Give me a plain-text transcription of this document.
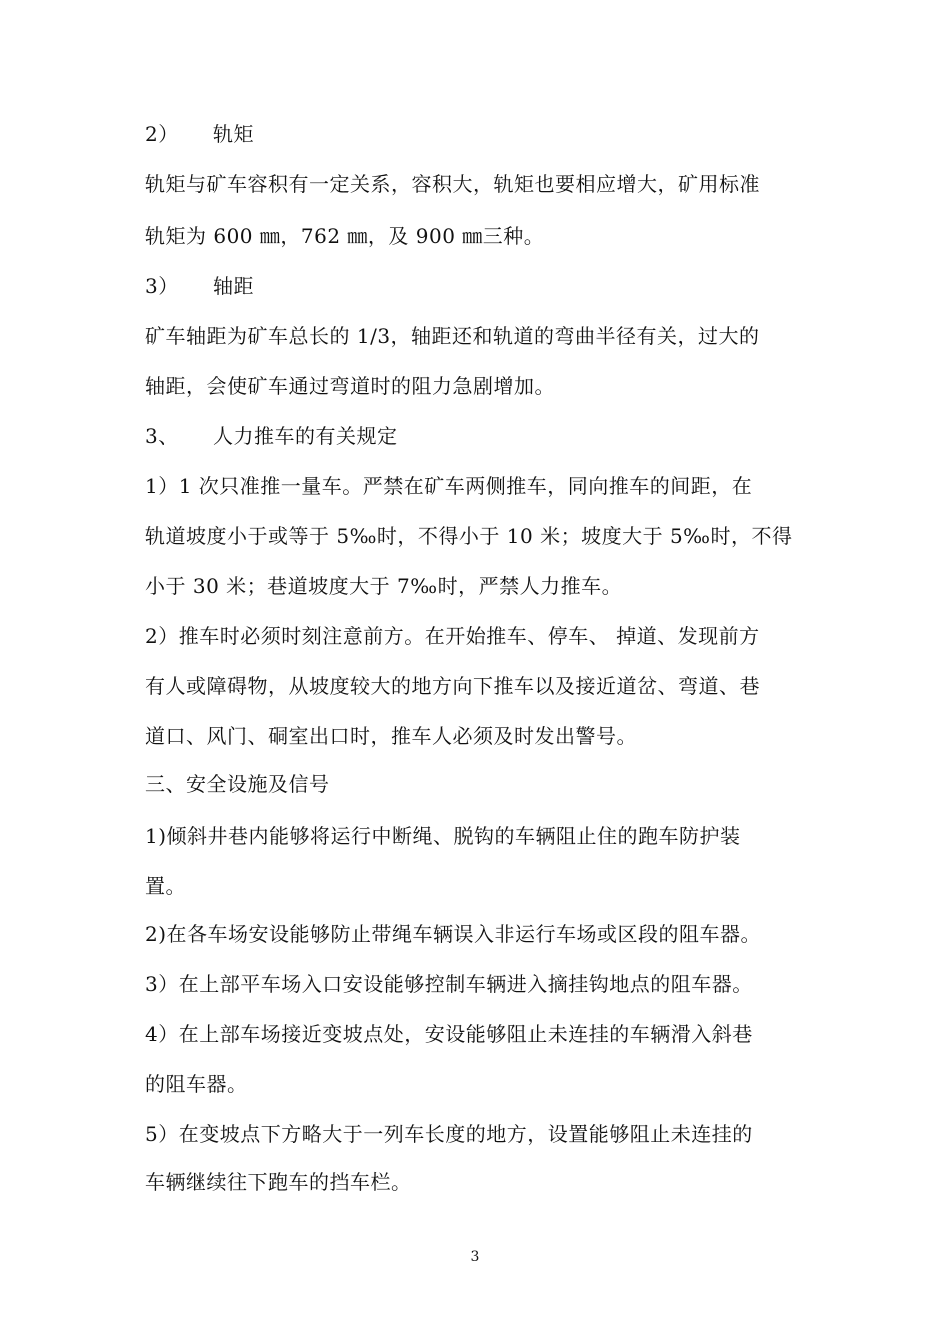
2） 轨矩
轨矩与矿车容积有一定关系，容积大，轨矩也要相应增大，矿用标准
轨矩为 600 ㎜，762 ㎜，及 900 ㎜三种。
3） 轴距
矿车轴距为矿车总长的 1/3，轴距还和轨道的弯曲半径有关，过大的
轴距，会使矿车通过弯道时的阻力急剧增加。
3、 人力推车的有关规定
1）1 次只准推一量车。严禁在矿车两侧推车，同向推车的间距，在
轨道坡度小于或等于 5‰时，不得小于 10 米；坡度大于 5‰时，不得
小于 30 米；巷道坡度大于 7‰时，严禁人力推车。
2）推车时必须时刻注意前方。在开始推车、停车、 掉道、发现前方
有人或障碍物，从坡度较大的地方向下推车以及接近道岔、弯道、巷
道口、风门、硐室出口时，推车人必须及时发出警号。
三、安全设施及信号
1)倾斜井巷内能够将运行中断绳、脱钩的车辆阻止住的跑车防护装
置。
2)在各车场安设能够防止带绳车辆误入非运行车场或区段的阻车器。
3）在上部平车场入口安设能够控制车辆进入摘挂钩地点的阻车器。
4）在上部车场接近变坡点处，安设能够阻止未连挂的车辆滑入斜巷
的阻车器。
5）在变坡点下方略大于一列车长度的地方，设置能够阻止未连挂的
车辆继续往下跑车的挡车栏。
3
